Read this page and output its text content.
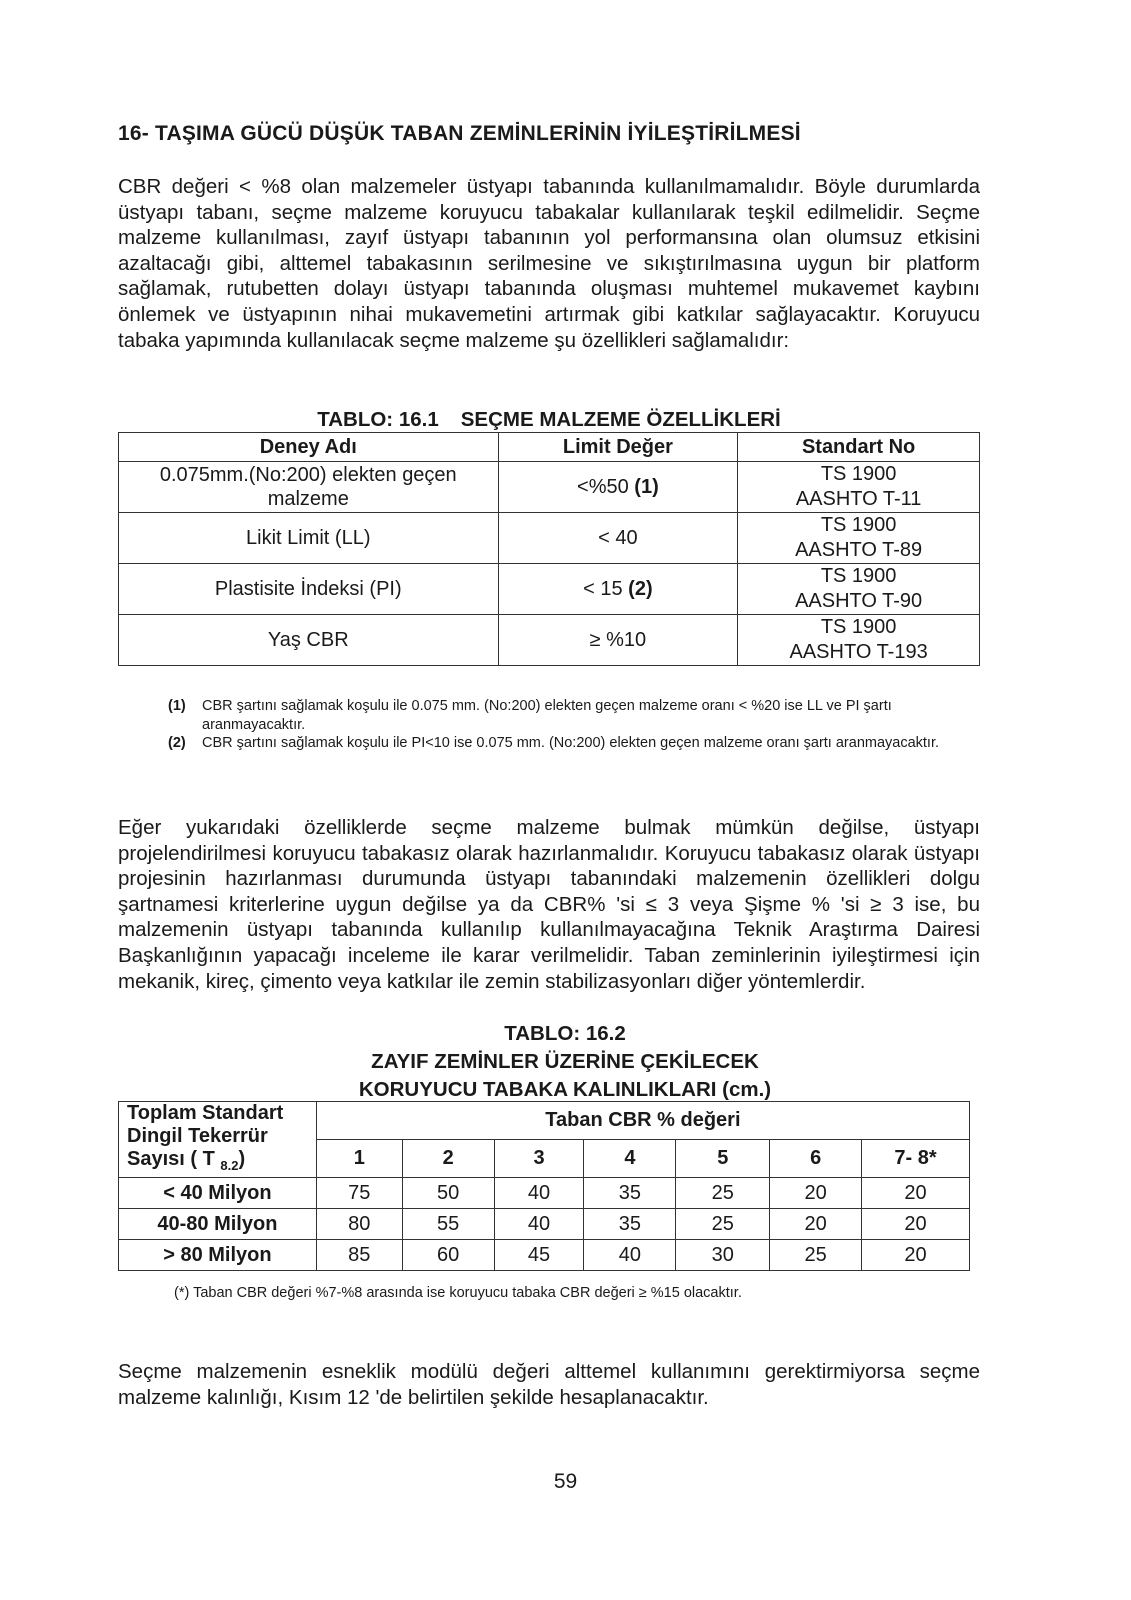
16- TAŞIMA GÜCÜ DÜŞÜK TABAN ZEMİNLERİNİN İYİLEŞTİRİLMESİ

CBR değeri < %8 olan malzemeler üstyapı tabanında kullanılmamalıdır. Böyle durumlarda üstyapı tabanı, seçme malzeme koruyucu tabakalar kullanılarak teşkil edilmelidir. Seçme malzeme kullanılması, zayıf üstyapı tabanının yol performansına olan olumsuz etkisini azaltacağı gibi, alttemel tabakasının serilmesine ve sıkıştırılmasına uygun bir platform sağlamak, rutubetten dolayı üstyapı tabanında oluşması muhtemel mukavemet kaybını önlemek ve üstyapının nihai mukavemetini artırmak gibi katkılar sağlayacaktır. Koruyucu tabaka yapımında kullanılacak seçme malzeme şu özellikleri sağlamalıdır:

TABLO: 16.1 SEÇME MALZEME ÖZELLİKLERİ
Deney Adı	Limit Değer	Standart No
0.075mm.(No:200) elekten geçen malzeme	<%50 (1)	TS 1900
AASHTO T-11

Likit Limit (LL)	< 40	TS 1900
AASHTO T-89

Plastisite İndeksi (PI)	< 15 (2)	TS 1900
AASHTO T-90

Yaş CBR	≥ %10	TS 1900
AASHTO T-193
(1)	CBR şartını sağlamak koşulu ile 0.075 mm. (No:200) elekten geçen malzeme oranı < %20 ise LL ve PI şartı aranmayacaktır.
(2)	CBR şartını sağlamak koşulu ile PI<10 ise 0.075 mm. (No:200) elekten geçen malzeme oranı şartı aranmayacaktır.

Eğer yukarıdaki özelliklerde seçme malzeme bulmak mümkün değilse, üstyapı projelendirilmesi koruyucu tabakasız olarak hazırlanmalıdır. Koruyucu tabakasız olarak üstyapı projesinin hazırlanması durumunda üstyapı tabanındaki malzemenin özellikleri dolgu şartnamesi kriterlerine uygun değilse ya da CBR% 'si ≤ 3 veya Şişme % 'si ≥ 3 ise, bu malzemenin üstyapı tabanında kullanılıp kullanılmayacağına Teknik Araştırma Dairesi Başkanlığının yapacağı inceleme ile karar verilmelidir. Taban zeminlerinin iyileştirmesi için mekanik, kireç, çimento veya katkılar ile zemin stabilizasyonları diğer yöntemlerdir.

TABLO: 16.2
ZAYIF ZEMİNLER ÜZERİNE ÇEKİLECEK
KORUYUCU TABAKA KALINLIKLARI (cm.)
Toplam Standart
Dingil Tekerrür
Sayısı ( T $_{8.2}$)	Taban CBR % değeri						
	1	2	3	4	5	6	7- 8*
< 40 Milyon	75	50	40	35	25	20	20
40-80 Milyon	80	55	40	35	25	20	20
> 80 Milyon	85	60	45	40	30	25	20
(*) Taban CBR değeri %7-%8 arasında ise koruyucu tabaka CBR değeri ≥ %15 olacaktır.

Seçme malzemenin esneklik modülü değeri alttemel kullanımını gerektirmiyorsa seçme malzeme kalınlığı, Kısım 12 'de belirtilen şekilde hesaplanacaktır.

59
